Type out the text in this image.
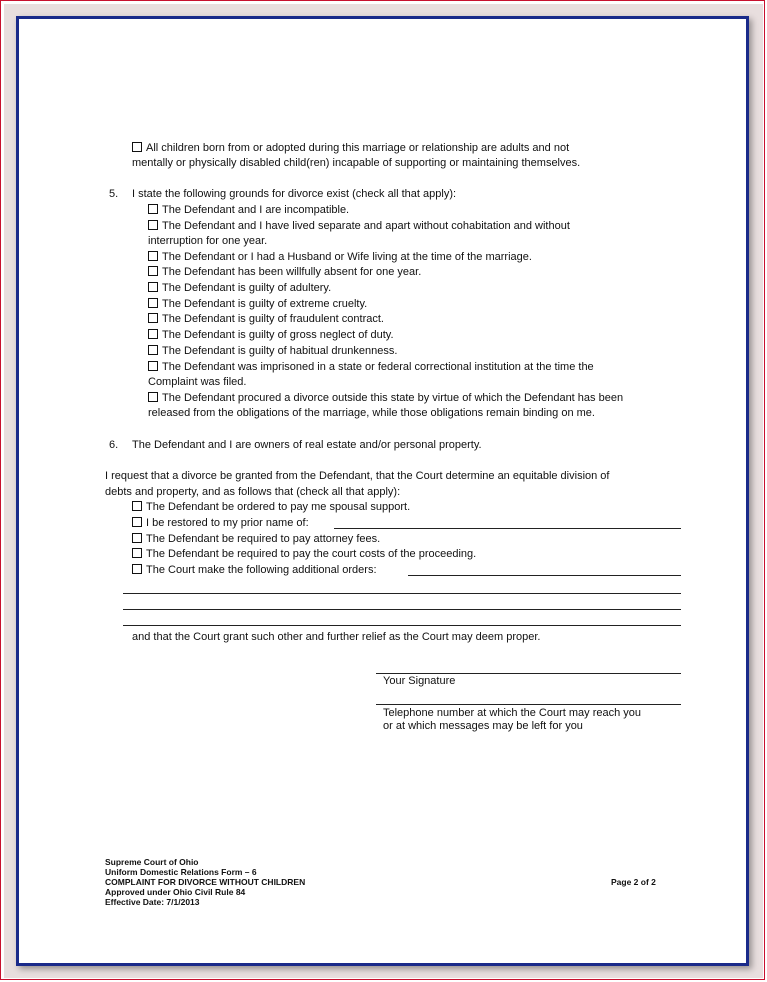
All children born from or adopted during this marriage or relationship are adults and not
mentally or physically disabled child(ren) incapable of supporting or maintaining themselves.
5. I state the following grounds for divorce exist (check all that apply):
The Defendant and I are incompatible.
The Defendant and I have lived separate and apart without cohabitation and without
interruption for one year.
The Defendant or I had a Husband or Wife living at the time of the marriage.
The Defendant has been willfully absent for one year.
The Defendant is guilty of adultery.
The Defendant is guilty of extreme cruelty.
The Defendant is guilty of fraudulent contract.
The Defendant is guilty of gross neglect of duty.
The Defendant is guilty of habitual drunkenness.
The Defendant was imprisoned in a state or federal correctional institution at the time the
Complaint was filed.
The Defendant procured a divorce outside this state by virtue of which the Defendant has been
released from the obligations of the marriage, while those obligations remain binding on me.
6. The Defendant and I are owners of real estate and/or personal property.
I request that a divorce be granted from the Defendant, that the Court determine an equitable division of
debts and property, and as follows that (check all that apply):
The Defendant be ordered to pay me spousal support.
I be restored to my prior name of:
The Defendant be required to pay attorney fees.
The Defendant be required to pay the court costs of the proceeding.
The Court make the following additional orders:
and that the Court grant such other and further relief as the Court may deem proper.
Your Signature
Telephone number at which the Court may reach you
or at which messages may be left for you
Supreme Court of Ohio
Uniform Domestic Relations Form – 6
COMPLAINT FOR DIVORCE WITHOUT CHILDREN
Approved under Ohio Civil Rule 84
Effective Date: 7/1/2013
Page 2 of 2
